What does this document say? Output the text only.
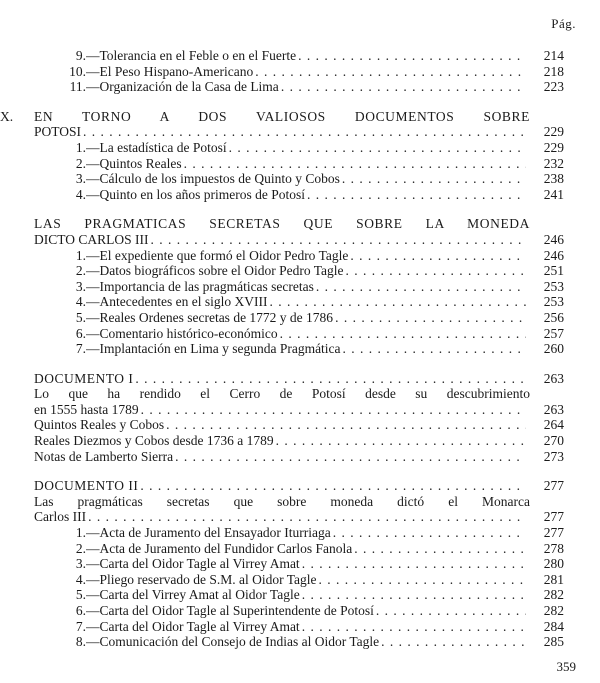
Pág.
9. —Tolerancia en el Feble o en el Fuerte . . .	214
10. —El Peso Hispano-Americano . . .	218
11. —Organización de la Casa de Lima . . .	223
X.	EN TORNO A DOS VALIOSOS DOCUMENTOS SOBRE
POTOSI . . .	229
1. —La estadística de Potosí . . .	229
2. —Quintos Reales . . .	232
3. —Cálculo de los impuestos de Quinto y Cobos . . .	238
4. —Quinto en los años primeros de Potosí . . .	241
LAS PRAGMATICAS SECRETAS QUE SOBRE LA MONEDA
DICTO CARLOS III . . .	246
1. —El expediente que formó el Oidor Pedro Tagle . . .	246
2. —Datos biográficos sobre el Oidor Pedro Tagle . . .	251
3. —Importancia de las pragmáticas secretas . . .	253
4. —Antecedentes en el siglo XVIII . . .	253
5. —Reales Ordenes secretas de 1772 y de 1786 . . .	256
6. —Comentario histórico-económico . . .	257
7. —Implantación en Lima y segunda Pragmática . . .	260
DOCUMENTO I . . .	263
Lo que ha rendido el Cerro de Potosí desde su descubrimiento
en 1555 hasta 1789 . . .	263
Quintos Reales y Cobos . . .	264
Reales Diezmos y Cobos desde 1736 a 1789 . . .	270
Notas de Lamberto Sierra . . .	273
DOCUMENTO II . . .	277
Las pragmáticas secretas que sobre moneda dictó el Monarca
Carlos III . . .	277
1. —Acta de Juramento del Ensayador Iturriaga . . .	277
2. —Acta de Juramento del Fundidor Carlos Fanola . . .	278
3. —Carta del Oidor Tagle al Virrey Amat . . .	280
4. —Pliego reservado de S.M. al Oidor Tagle . . .	281
5. —Carta del Virrey Amat al Oidor Tagle . . .	282
6. —Carta del Oidor Tagle al Superintendente de Potosí . . .	282
7. —Carta del Oidor Tagle al Virrey Amat . . .	284
8. —Comunicación del Consejo de Indias al Oidor Tagle . . .	285
359
